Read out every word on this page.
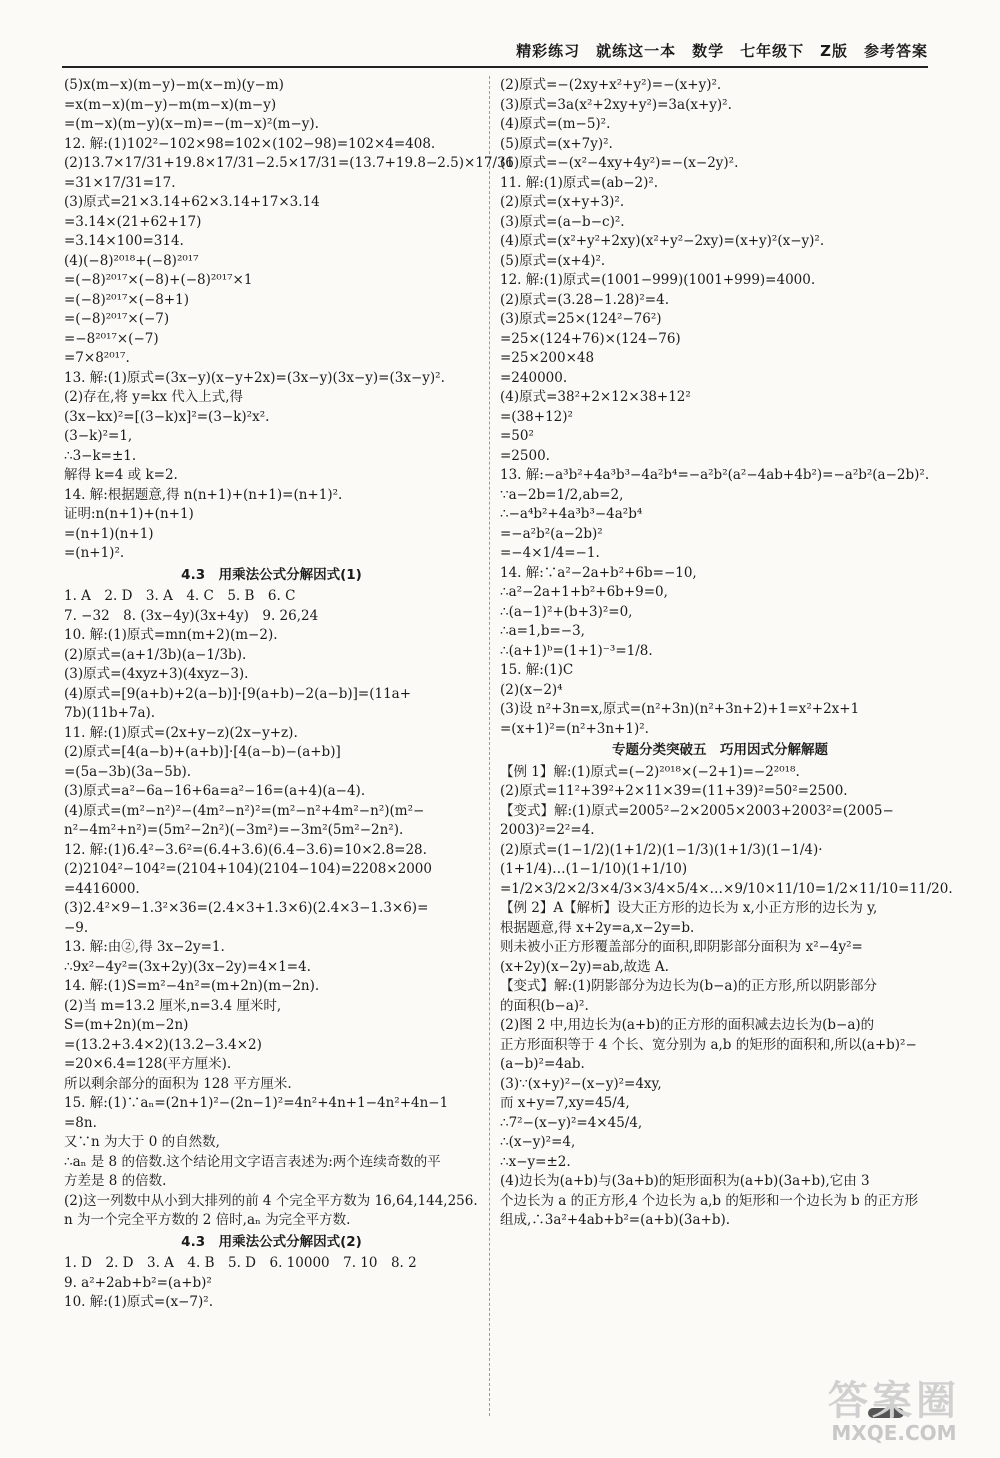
精彩练习　就练这一本　数学　七年级下　Z版　参考答案
(5)x(m−x)(m−y)−m(x−m)(y−m)
=x(m−x)(m−y)−m(m−x)(m−y)
=(m−x)(m−y)(x−m)=−(m−x)²(m−y).
12. 解:(1)102²−102×98=102×(102−98)=102×4=408.
(2)13.7×17/31+19.8×17/31−2.5×17/31=(13.7+19.8−2.5)×17/31
=31×17/31=17.
(3)原式=21×3.14+62×3.14+17×3.14
=3.14×(21+62+17)
=3.14×100=314.
(4)(−8)²⁰¹⁸+(−8)²⁰¹⁷
=(−8)²⁰¹⁷×(−8)+(−8)²⁰¹⁷×1
=(−8)²⁰¹⁷×(−8+1)
=(−8)²⁰¹⁷×(−7)
=−8²⁰¹⁷×(−7)
=7×8²⁰¹⁷.
13. 解:(1)原式=(3x−y)(x−y+2x)=(3x−y)(3x−y)=(3x−y)².
(2)存在,将 y=kx 代入上式,得
(3x−kx)²=[(3−k)x]²=(3−k)²x².
(3−k)²=1,
∴3−k=±1.
解得 k=4 或 k=2.
14. 解:根据题意,得 n(n+1)+(n+1)=(n+1)².
证明:n(n+1)+(n+1)
=(n+1)(n+1)
=(n+1)².
4.3　用乘法公式分解因式(1)
1. A　2. D　3. A　4. C　5. B　6. C
7. −32　8. (3x−4y)(3x+4y)　9. 26,24
10. 解:(1)原式=mn(m+2)(m−2).
(2)原式=(a+1/3b)(a−1/3b).
(3)原式=(4xyz+3)(4xyz−3).
(4)原式=[9(a+b)+2(a−b)]·[9(a+b)−2(a−b)]=(11a+
7b)(11b+7a).
11. 解:(1)原式=(2x+y−z)(2x−y+z).
(2)原式=[4(a−b)+(a+b)]·[4(a−b)−(a+b)]
=(5a−3b)(3a−5b).
(3)原式=a²−6a−16+6a=a²−16=(a+4)(a−4).
(4)原式=(m²−n²)²−(4m²−n²)²=(m²−n²+4m²−n²)(m²−
n²−4m²+n²)=(5m²−2n²)(−3m²)=−3m²(5m²−2n²).
12. 解:(1)6.4²−3.6²=(6.4+3.6)(6.4−3.6)=10×2.8=28.
(2)2104²−104²=(2104+104)(2104−104)=2208×2000
=4416000.
(3)2.4²×9−1.3²×36=(2.4×3+1.3×6)(2.4×3−1.3×6)=
−9.
13. 解:由②,得 3x−2y=1.
∴9x²−4y²=(3x+2y)(3x−2y)=4×1=4.
14. 解:(1)S=m²−4n²=(m+2n)(m−2n).
(2)当 m=13.2 厘米,n=3.4 厘米时,
S=(m+2n)(m−2n)
=(13.2+3.4×2)(13.2−3.4×2)
=20×6.4=128(平方厘米).
所以剩余部分的面积为 128 平方厘米.
15. 解:(1)∵aₙ=(2n+1)²−(2n−1)²=4n²+4n+1−4n²+4n−1
=8n.
又∵n 为大于 0 的自然数,
∴aₙ 是 8 的倍数.这个结论用文字语言表述为:两个连续奇数的平
方差是 8 的倍数.
(2)这一列数中从小到大排列的前 4 个完全平方数为 16,64,144,256.
n 为一个完全平方数的 2 倍时,aₙ 为完全平方数.
4.3　用乘法公式分解因式(2)
1. D　2. D　3. A　4. B　5. D　6. 10000　7. 10　8. 2
9. a²+2ab+b²=(a+b)²
10. 解:(1)原式=(x−7)².
(2)原式=−(2xy+x²+y²)=−(x+y)².
(3)原式=3a(x²+2xy+y²)=3a(x+y)².
(4)原式=(m−5)².
(5)原式=(x+7y)².
(6)原式=−(x²−4xy+4y²)=−(x−2y)².
11. 解:(1)原式=(ab−2)².
(2)原式=(x+y+3)².
(3)原式=(a−b−c)².
(4)原式=(x²+y²+2xy)(x²+y²−2xy)=(x+y)²(x−y)².
(5)原式=(x+4)².
12. 解:(1)原式=(1001−999)(1001+999)=4000.
(2)原式=(3.28−1.28)²=4.
(3)原式=25×(124²−76²)
=25×(124+76)×(124−76)
=25×200×48
=240000.
(4)原式=38²+2×12×38+12²
=(38+12)²
=50²
=2500.
13. 解:−a³b²+4a³b³−4a²b⁴=−a²b²(a²−4ab+4b²)=−a²b²(a−2b)².
∵a−2b=1/2,ab=2,
∴−a⁴b²+4a³b³−4a²b⁴
=−a²b²(a−2b)²
=−4×1/4=−1.
14. 解:∵a²−2a+b²+6b=−10,
∴a²−2a+1+b²+6b+9=0,
∴(a−1)²+(b+3)²=0,
∴a=1,b=−3,
∴(a+1)ᵇ=(1+1)⁻³=1/8.
15. 解:(1)C
(2)(x−2)⁴
(3)设 n²+3n=x,原式=(n²+3n)(n²+3n+2)+1=x²+2x+1
=(x+1)²=(n²+3n+1)².
专题分类突破五　巧用因式分解解题
【例 1】解:(1)原式=(−2)²⁰¹⁸×(−2+1)=−2²⁰¹⁸.
(2)原式=11²+39²+2×11×39=(11+39)²=50²=2500.
【变式】解:(1)原式=2005²−2×2005×2003+2003²=(2005−
2003)²=2²=4.
(2)原式=(1−1/2)(1+1/2)(1−1/3)(1+1/3)(1−1/4)·
(1+1/4)…(1−1/10)(1+1/10)
=1/2×3/2×2/3×4/3×3/4×5/4×…×9/10×11/10=1/2×11/10=11/20.
【例 2】A【解析】设大正方形的边长为 x,小正方形的边长为 y,
根据题意,得 x+2y=a,x−2y=b.
则未被小正方形覆盖部分的面积,即阴影部分面积为 x²−4y²=
(x+2y)(x−2y)=ab,故选 A.
【变式】解:(1)阴影部分为边长为(b−a)的正方形,所以阴影部分
的面积(b−a)².
(2)图 2 中,用边长为(a+b)的正方形的面积减去边长为(b−a)的
正方形面积等于 4 个长、宽分别为 a,b 的矩形的面积和,所以(a+b)²−
(a−b)²=4ab.
(3)∵(x+y)²−(x−y)²=4xy,
而 x+y=7,xy=45/4,
∴7²−(x−y)²=4×45/4,
∴(x−y)²=4,
∴x−y=±2.
(4)边长为(a+b)与(3a+b)的矩形面积为(a+b)(3a+b),它由 3
个边长为 a 的正方形,4 个边长为 a,b 的矩形和一个边长为 b 的正方形
组成,∴3a²+4ab+b²=(a+b)(3a+b).
答案圈
MXQE.COM
